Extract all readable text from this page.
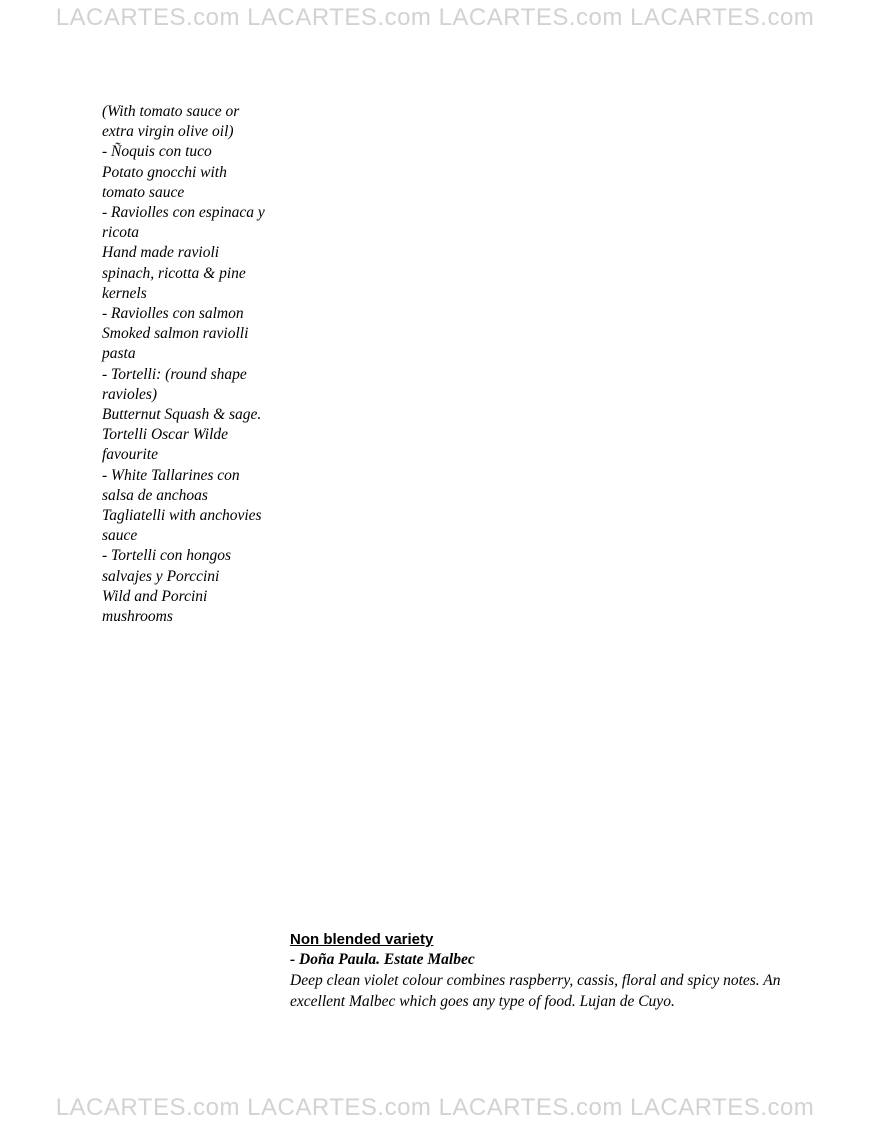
LACARTES.com LACARTES.com LACARTES.com LACARTES.com
(With tomato sauce or
extra virgin olive oil)
- Ñoquis con tuco
Potato gnocchi with
tomato sauce
- Raviolles con espinaca y
ricota
Hand made ravioli
spinach, ricotta & pine
kernels
- Raviolles con salmon
Smoked salmon raviolli
pasta
- Tortelli: (round shape
ravioles)
Butternut Squash & sage.
Tortelli Oscar Wilde
favourite
- White Tallarines con
salsa de anchoas
Tagliatelli with anchovies
sauce
- Tortelli con hongos
salvajes y Porccini
Wild and Porcini
mushrooms
Non blended variety
- Doña Paula. Estate Malbec
Deep clean violet colour combines raspberry, cassis, floral and spicy notes. An
excellent Malbec which goes any type of food. Lujan de Cuyo.
LACARTES.com LACARTES.com LACARTES.com LACARTES.com
